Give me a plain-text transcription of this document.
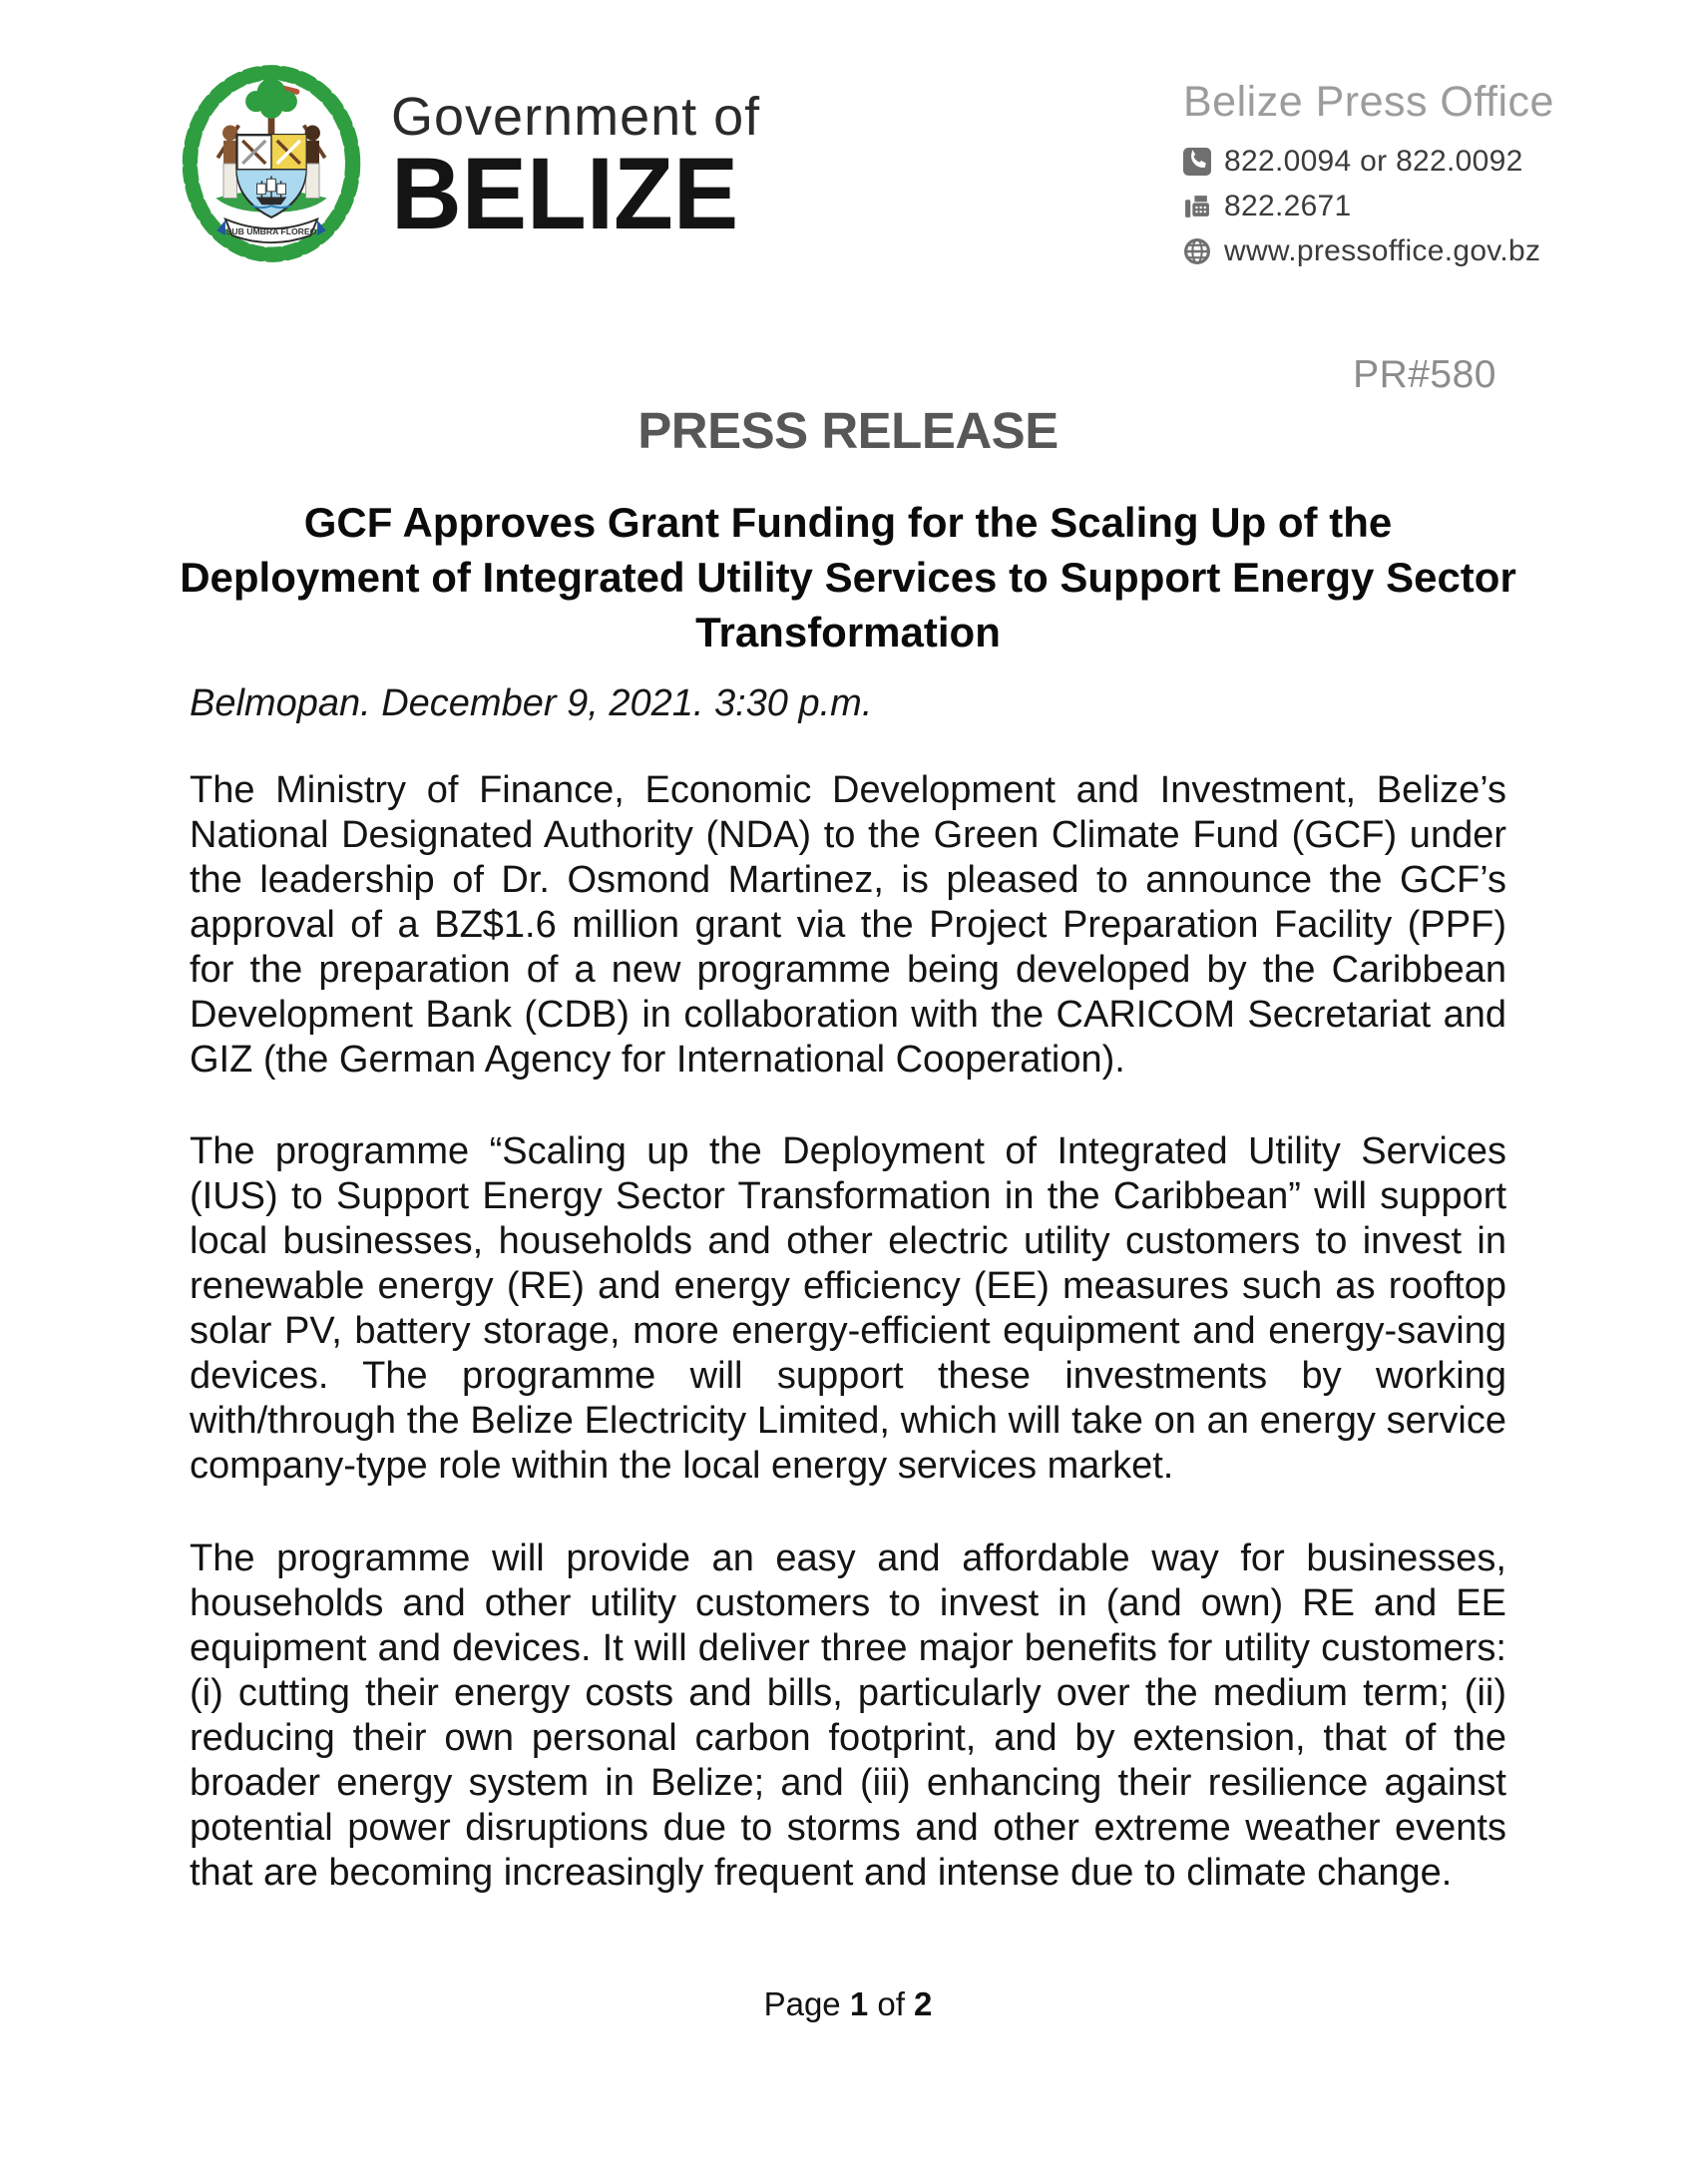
SUB UMBRA FLOREO
Government of
BELIZE
Belize Press Office
822.0094 or 822.0092
822.2671
www.pressoffice.gov.bz
PR#580
PRESS RELEASE
GCF Approves Grant Funding for the Scaling Up of the Deployment of Integrated Utility Services to Support Energy Sector Transformation

Belmopan. December 9, 2021. 3:30 p.m.

The Ministry of Finance, Economic Development and Investment, Belize’s National Designated Authority (NDA) to the Green Climate Fund (GCF) under the leadership of Dr. Osmond Martinez, is pleased to announce the GCF’s approval of a BZ$1.6 million grant via the Project Preparation Facility (PPF) for the preparation of a new programme being developed by the Caribbean Development Bank (CDB) in collaboration with the CARICOM Secretariat and GIZ (the German Agency for International Cooperation).

The programme “Scaling up the Deployment of Integrated Utility Services (IUS) to Support Energy Sector Transformation in the Caribbean” will support local businesses, households and other electric utility customers to invest in renewable energy (RE) and energy efficiency (EE) measures such as rooftop solar PV, battery storage, more energy-efficient equipment and energy-saving devices. The programme will support these investments by working with/through the Belize Electricity Limited, which will take on an energy service company-type role within the local energy services market.

The programme will provide an easy and affordable way for businesses, households and other utility customers to invest in (and own) RE and EE equipment and devices. It will deliver three major benefits for utility customers: (i) cutting their energy costs and bills, particularly over the medium term; (ii) reducing their own personal carbon footprint, and by extension, that of the broader energy system in Belize; and (iii) enhancing their resilience against potential power disruptions due to storms and other extreme weather events that are becoming increasingly frequent and intense due to climate change.

Page 1 of 2
